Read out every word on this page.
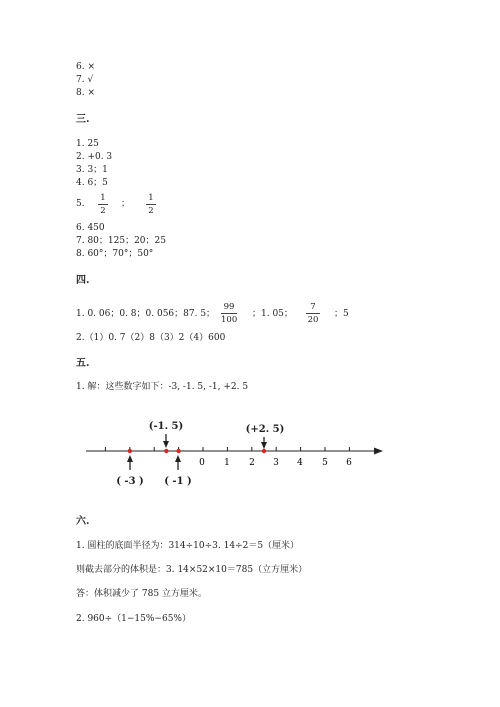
6. ×
7. √
8. ×
三.
1. 25
2. +0. 3
3. 3；1
4. 6；5
5.
1
2
；
1
2
6. 450
7. 80；125；20；25
8. 60°；70°；50°
四.
1. 0. 06；0. 8；0. 056；87. 5；
99
100
；1. 05；
7
20
；5
2.（1）0. 7（2）8（3）2（4）600
五.
1. 解：这些数字如下：-3, -1. 5, -1, +2. 5
0 1 2 3 4 5 6
(-1. 5)	(+2. 5)
( -3 ) ( -1 )
六.
1. 圆柱的底面半径为：314÷10÷3. 14÷2＝5（厘米）
则截去部分的体积是：3. 14×52×10＝785（立方厘米）
答：体积减少了 785 立方厘米。
2. 960÷（1−15%−65%）
